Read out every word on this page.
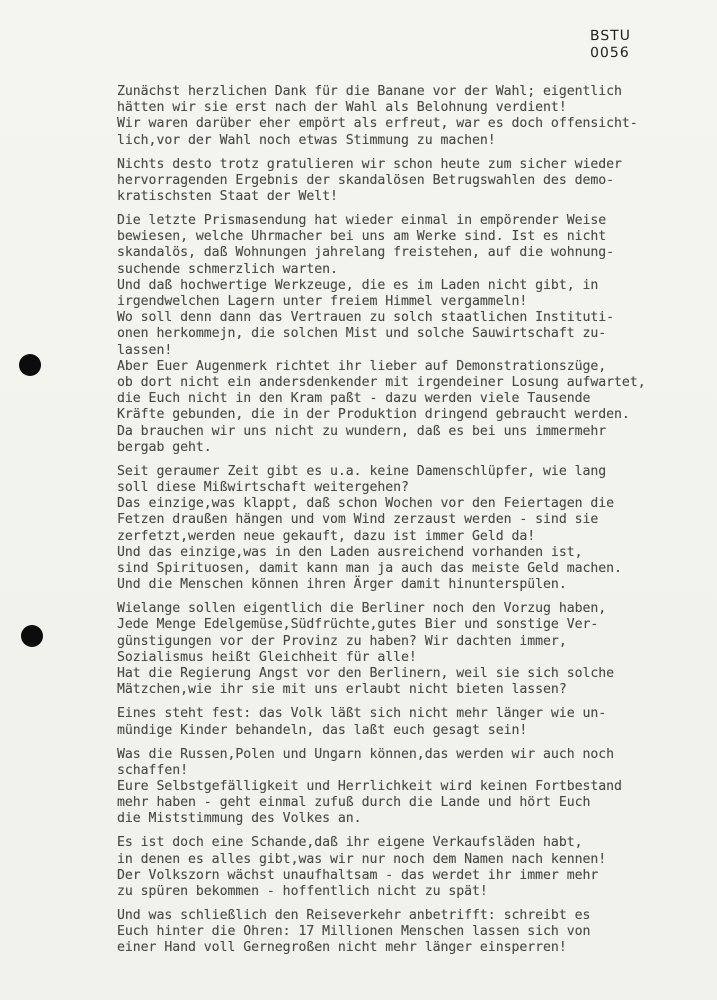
BSTU
0056
Zunächst herzlichen Dank für die Banane vor der Wahl; eigentlich
hätten wir sie erst nach der Wahl als Belohnung verdient!
Wir waren darüber eher empört als erfreut, war es doch offensicht-
lich,vor der Wahl noch etwas Stimmung zu machen!
Nichts desto trotz gratulieren wir schon heute zum sicher wieder
hervorragenden Ergebnis der skandalösen Betrugswahlen des demo-
kratischsten Staat der Welt!
Die letzte Prismasendung hat wieder einmal in empörender Weise
bewiesen, welche Uhrmacher bei uns am Werke sind. Ist es nicht
skandalös, daß Wohnungen jahrelang freistehen, auf die wohnung-
suchende schmerzlich warten.
Und daß hochwertige Werkzeuge, die es im Laden nicht gibt, in
irgendwelchen Lagern unter freiem Himmel vergammeln!
Wo soll denn dann das Vertrauen zu solch staatlichen Instituti-
onen herkommejn, die solchen Mist und solche Sauwirtschaft zu-
lassen!
Aber Euer Augenmerk richtet ihr lieber auf Demonstrationszüge,
ob dort nicht ein andersdenkender mit irgendeiner Losung aufwartet,
die Euch nicht in den Kram paßt - dazu werden viele Tausende
Kräfte gebunden, die in der Produktion dringend gebraucht werden.
Da brauchen wir uns nicht zu wundern, daß es bei uns immermehr
bergab geht.
Seit geraumer Zeit gibt es u.a. keine Damenschlüpfer, wie lang
soll diese Mißwirtschaft weitergehen?
Das einzige,was klappt, daß schon Wochen vor den Feiertagen die
Fetzen draußen hängen und vom Wind zerzaust werden - sind sie
zerfetzt,werden neue gekauft, dazu ist immer Geld da!
Und das einzige,was in den Laden ausreichend vorhanden ist,
sind Spirituosen, damit kann man ja auch das meiste Geld machen.
Und die Menschen können ihren Ärger damit hinunterspülen.
Wielange sollen eigentlich die Berliner noch den Vorzug haben,
Jede Menge Edelgemüse,Südfrüchte,gutes Bier und sonstige Ver-
günstigungen vor der Provinz zu haben? Wir dachten immer,
Sozialismus heißt Gleichheit für alle!
Hat die Regierung Angst vor den Berlinern, weil sie sich solche
Mätzchen,wie ihr sie mit uns erlaubt nicht bieten lassen?
Eines steht fest: das Volk läßt sich nicht mehr länger wie un-
mündige Kinder behandeln, das laßt euch gesagt sein!
Was die Russen,Polen und Ungarn können,das werden wir auch noch
schaffen!
Eure Selbstgefälligkeit und Herrlichkeit wird keinen Fortbestand
mehr haben - geht einmal zufuß durch die Lande und hört Euch
die Miststimmung des Volkes an.
Es ist doch eine Schande,daß ihr eigene Verkaufsläden habt,
in denen es alles gibt,was wir nur noch dem Namen nach kennen!
Der Volkszorn wächst unaufhaltsam - das werdet ihr immer mehr
zu spüren bekommen - hoffentlich nicht zu spät!
Und was schließlich den Reiseverkehr anbetrifft: schreibt es
Euch hinter die Ohren: 17 Millionen Menschen lassen sich von
einer Hand voll Gernegroßen nicht mehr länger einsperren!
